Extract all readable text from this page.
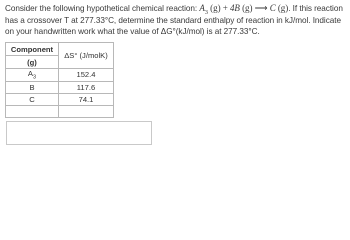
Consider the following hypothetical chemical reaction: $A_3$ (g) + 4B (g) ⟶ C (g). If this reaction has a crossover T at 277.33°C, determine the standard enthalpy of reaction in kJ/mol. Indicate on your handwritten work what the value of ΔG°(kJ/mol) is at 277.33°C.
Component	ΔS° (J/molK)
(g)	
$A_3$	152.4
B	117.6
C	74.1
